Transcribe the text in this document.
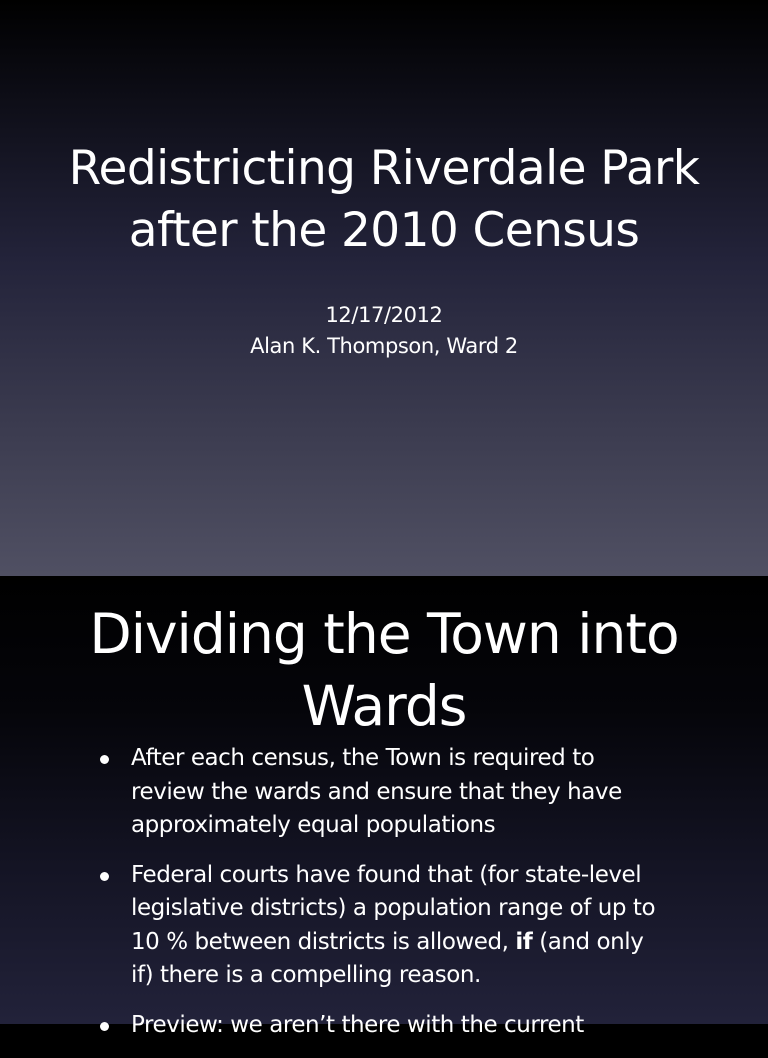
Redistricting Riverdale Park
after the 2010 Census
12/17/2012
Alan K. Thompson, Ward 2
Dividing the Town into
Wards
After each census, the Town is required to
review the wards and ensure that they have
approximately equal populations
Federal courts have found that (for state-level
legislative districts) a population range of up to
10 % between districts is allowed, if (and only
if) there is a compelling reason.
Preview: we aren’t there with the current
